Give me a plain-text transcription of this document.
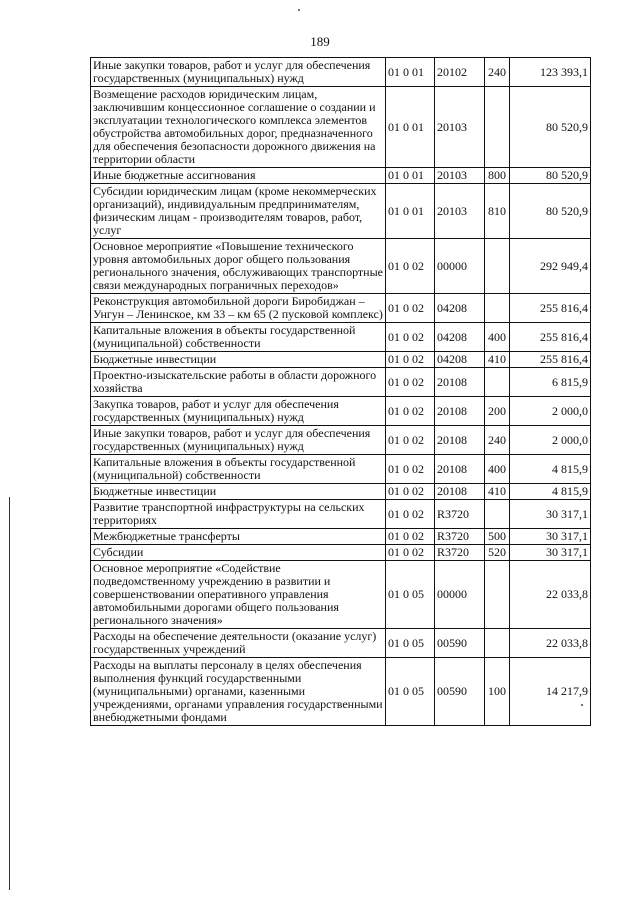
189
Иные закупки товаров, работ и услуг для обеспечения государственных (муниципальных) нужд	01 0 01	20102	240	123 393,1
Возмещение расходов юридическим лицам, заключившим концессионное соглашение о создании и эксплуатации технологического комплекса элементов обустройства автомобильных дорог, предназначенного для обеспечения безопасности дорожного движения на территории области	01 0 01	20103		80 520,9
Иные бюджетные ассигнования	01 0 01	20103	800	80 520,9
Субсидии юридическим лицам (кроме некоммерческих организаций), индивидуальным предпринимателям, физическим лицам - производителям товаров, работ, услуг	01 0 01	20103	810	80 520,9
Основное мероприятие «Повышение технического уровня автомобильных дорог общего пользования регионального значения, обслуживающих транспортные связи международных пограничных переходов»	01 0 02	00000		292 949,4
Реконструкция автомобильной дороги Биробиджан – Унгун – Ленинское, км 33 – км 65 (2 пусковой комплекс)	01 0 02	04208		255 816,4
Капитальные вложения в объекты государственной (муниципальной) собственности	01 0 02	04208	400	255 816,4
Бюджетные инвестиции	01 0 02	04208	410	255 816,4
Проектно-изыскательские работы в области дорожного хозяйства	01 0 02	20108		6 815,9
Закупка товаров, работ и услуг для обеспечения государственных (муниципальных) нужд	01 0 02	20108	200	2 000,0
Иные закупки товаров, работ и услуг для обеспечения государственных (муниципальных) нужд	01 0 02	20108	240	2 000,0
Капитальные вложения в объекты государственной (муниципальной) собственности	01 0 02	20108	400	4 815,9
Бюджетные инвестиции	01 0 02	20108	410	4 815,9
Развитие транспортной инфраструктуры на сельских территориях	01 0 02	R3720		30 317,1
Межбюджетные трансферты	01 0 02	R3720	500	30 317,1
Субсидии	01 0 02	R3720	520	30 317,1
Основное мероприятие «Содействие подведомственному учреждению в развитии и совершенствовании оперативного управления автомобильными дорогами общего пользования регионального значения»	01 0 05	00000		22 033,8
Расходы на обеспечение деятельности (оказание услуг) государственных учреждений	01 0 05	00590		22 033,8
Расходы на выплаты персоналу в целях обеспечения выполнения функций государственными (муниципальными) органами, казенными учреждениями, органами управления государственными внебюджетными фондами	01 0 05	00590	100	14 217,9
